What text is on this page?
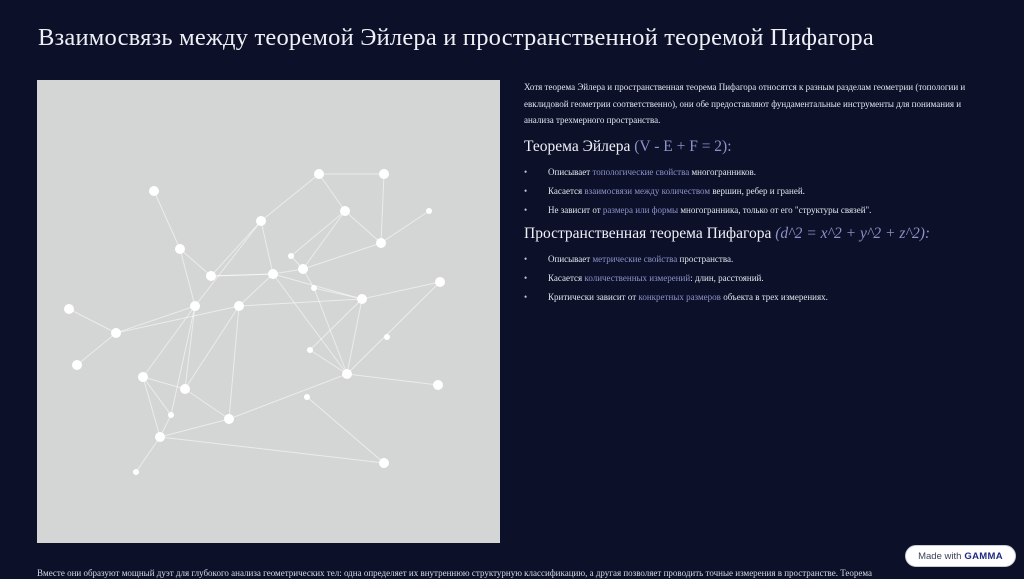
Взаимосвязь между теоремой Эйлера и пространственной теоремой Пифагора
Хотя теорема Эйлера и пространственная теорема Пифагора относятся к разным разделам геометрии (топологии и евклидовой геометрии соответственно), они обе предоставляют фундаментальные инструменты для понимания и анализа трехмерного пространства.
Теорема Эйлера (V - E + F = 2):
• Описывает топологические свойства многогранников.
• Касается взаимосвязи между количеством вершин, ребер и граней.
• Не зависит от размера или формы многогранника, только от его "структуры связей".
Пространственная теорема Пифагора (d^2 = x^2 + y^2 + z^2):
• Описывает метрические свойства пространства.
• Касается количественных измерений: длин, расстояний.
• Критически зависит от конкретных размеров объекта в трех измерениях.
Вместе они образуют мощный дуэт для глубокого анализа геометрических тел: одна определяет их внутреннюю структурную классификацию, а другая позволяет проводить точные измерения в пространстве. Теорема
Made with GAMMA
